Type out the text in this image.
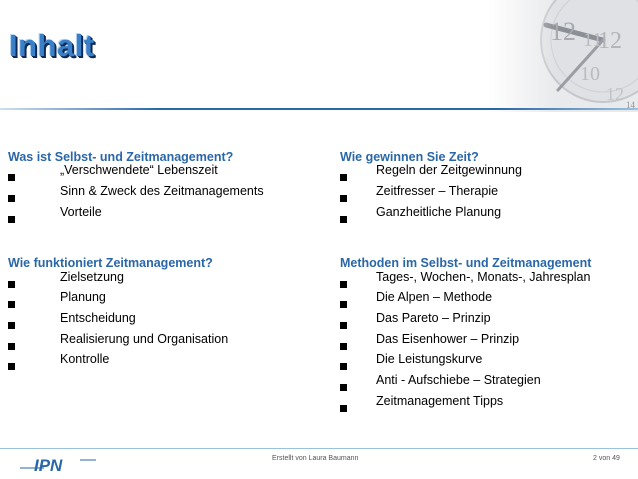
Inhalt
Was ist Selbst- und Zeitmanagement?
„Verschwendete“ Lebenszeit
Sinn & Zweck des Zeitmanagements
Vorteile
Wie funktioniert Zeitmanagement?
Zielsetzung
Planung
Entscheidung
Realisierung und Organisation
Kontrolle
Wie gewinnen Sie Zeit?
Regeln der Zeitgewinnung
Zeitfresser – Therapie
Ganzheitliche Planung
Methoden im Selbst- und Zeitmanagement
Tages-, Wochen-, Monats-, Jahresplan
Die Alpen – Methode
Das Pareto – Prinzip
Das Eisenhower – Prinzip
Die Leistungskurve
Anti - Aufschiebe – Strategien
Zeitmanagement Tipps
IPN	Erstellt von Laura Baumann	2 von 49
